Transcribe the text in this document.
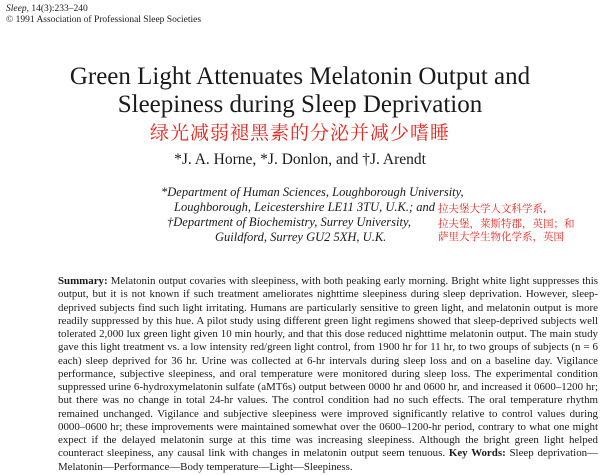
Sleep, 14(3):233–240
© 1991 Association of Professional Sleep Societies
Green Light Attenuates Melatonin Output and
Sleepiness during Sleep Deprivation
绿光减弱褪黑素的分泌并减少嗜睡
*J. A. Horne, *J. Donlon, and †J. Arendt
*Department of Human Sciences, Loughborough University,
Loughborough, Leicestershire LE11 3TU, U.K.; and
†Department of Biochemistry, Surrey University,
Guildford, Surrey GU2 5XH, U.K.
拉夫堡大学人文科学系,
拉夫堡，莱斯特郡，英国；和
萨里大学生物化学系，英国
Summary: Melatonin output covaries with sleepiness, with both peaking early morning. Bright white light suppresses this output, but it is not known if such treatment ameliorates nighttime sleepiness during sleep deprivation. However, sleep-deprived subjects find such light irritating. Humans are particularly sensitive to green light, and melatonin output is more readily suppressed by this hue. A pilot study using different green light regimens showed that sleep-deprived subjects well tolerated 2,000 lux green light given 10 min hourly, and that this dose reduced nighttime melatonin output. The main study gave this light treatment vs. a low intensity red/green light control, from 1900 hr for 11 hr, to two groups of subjects (n = 6 each) sleep deprived for 36 hr. Urine was collected at 6-hr intervals during sleep loss and on a baseline day. Vigilance performance, subjective sleepiness, and oral temperature were monitored during sleep loss. The experimental condition suppressed urine 6-hydroxymelatonin sulfate (aMT6s) output between 0000 hr and 0600 hr, and increased it 0600–1200 hr; but there was no change in total 24-hr values. The control condition had no such effects. The oral temperature rhythm remained unchanged. Vigilance and subjective sleepiness were improved significantly relative to control values during 0000–0600 hr; these improvements were maintained somewhat over the 0600–1200-hr period, contrary to what one might expect if the delayed melatonin surge at this time was increasing sleepiness. Although the bright green light helped counteract sleepiness, any causal link with changes in melatonin output seem tenuous. Key Words: Sleep deprivation—Melatonin—Performance—Body temperature—Light—Sleepiness.
